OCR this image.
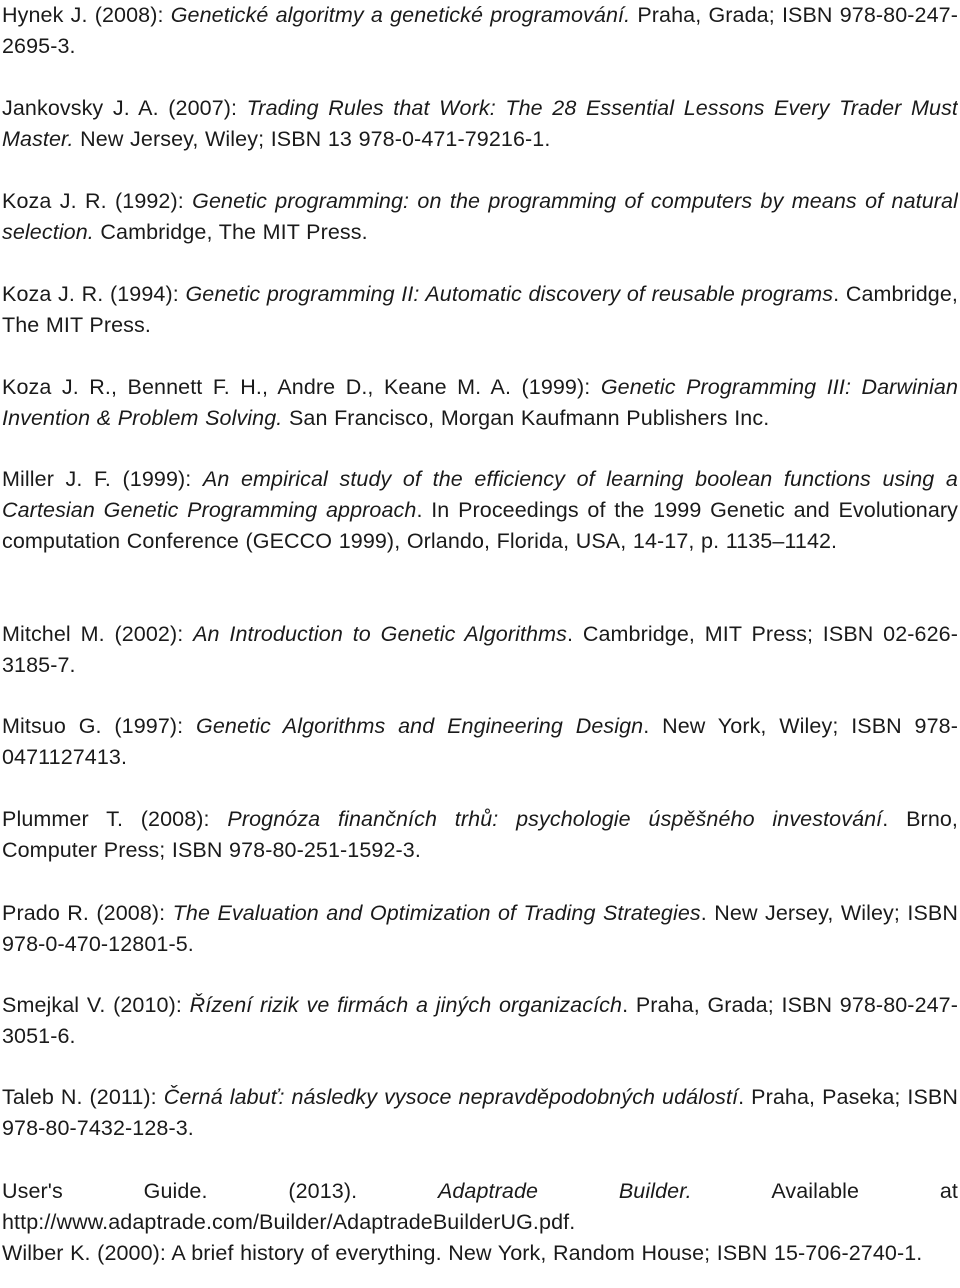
Hynek J. (2008): Genetické algoritmy a genetické programování. Praha, Grada; ISBN 978-80-247-2695-3.

Jankovsky J. A. (2007): Trading Rules that Work: The 28 Essential Lessons Every Trader Must Master. New Jersey, Wiley; ISBN 13 978-0-471-79216-1.

Koza J. R. (1992): Genetic programming: on the programming of computers by means of natural selection. Cambridge, The MIT Press.

Koza J. R. (1994): Genetic programming II: Automatic discovery of reusable programs. Cambridge, The MIT Press.

Koza J. R., Bennett F. H., Andre D., Keane M. A. (1999): Genetic Programming III: Darwinian Invention & Problem Solving. San Francisco, Morgan Kaufmann Publishers Inc.

Miller J. F. (1999): An empirical study of the efficiency of learning boolean functions using a Cartesian Genetic Programming approach. In Proceedings of the 1999 Genetic and Evolutionary computation Conference (GECCO 1999), Orlando, Florida, USA, 14-17, p. 1135–1142.

Mitchel M. (2002): An Introduction to Genetic Algorithms. Cambridge, MIT Press; ISBN 02-626-3185-7.

Mitsuo G. (1997): Genetic Algorithms and Engineering Design. New York, Wiley; ISBN 978-0471127413.

Plummer T. (2008): Prognóza finančních trhů: psychologie úspěšného investování. Brno, Computer Press; ISBN 978-80-251-1592-3.

Prado R. (2008): The Evaluation and Optimization of Trading Strategies. New Jersey, Wiley; ISBN 978-0-470-12801-5.

Smejkal V. (2010): Řízení rizik ve firmách a jiných organizacích. Praha, Grada; ISBN 978-80-247-3051-6.

Taleb N. (2011): Černá labuť: následky vysoce nepravděpodobných událostí. Praha, Paseka; ISBN 978-80-7432-128-3.

User's Guide. (2013). Adaptrade Builder. Available at http://www.adaptrade.com/Builder/AdaptradeBuilderUG.pdf.

Wilber K. (2000): A brief history of everything. New York, Random House; ISBN 15-706-2740-1.
